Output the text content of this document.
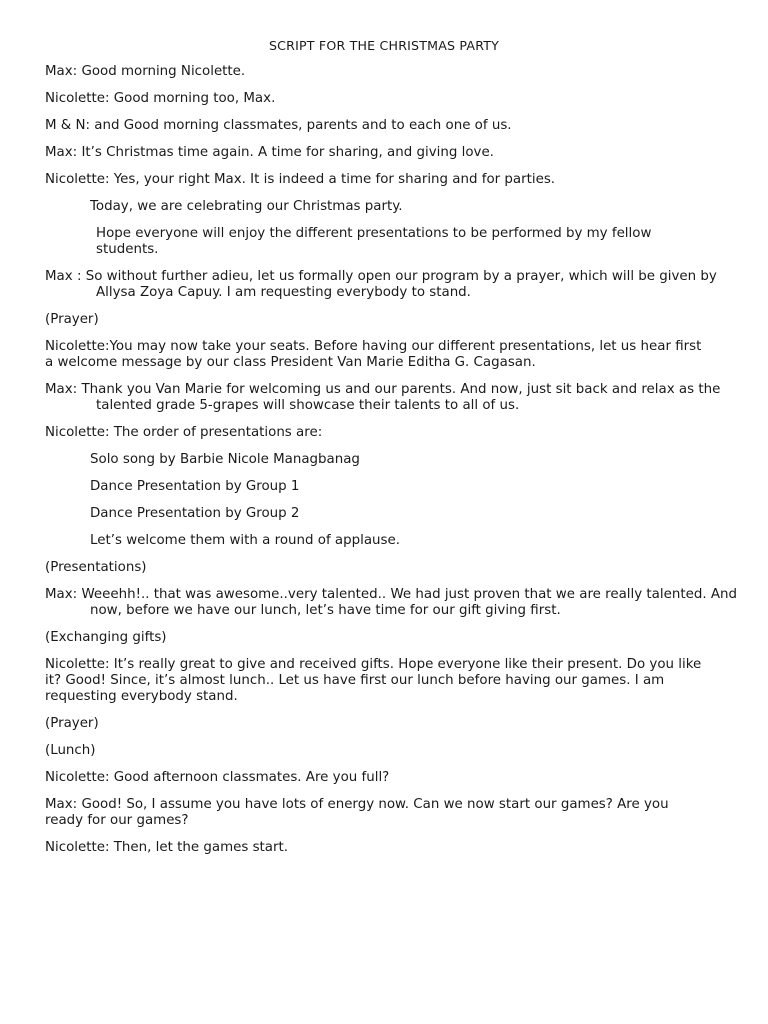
SCRIPT FOR THE CHRISTMAS PARTY

Max: Good morning Nicolette.

Nicolette: Good morning too, Max.

M & N: and Good morning classmates, parents and to each one of us.

Max: It’s Christmas time again. A time for sharing, and giving love.

Nicolette: Yes, your right Max. It is indeed a time for sharing and for parties.

Today, we are celebrating our Christmas party.

Hope everyone will enjoy the different presentations to be performed by my fellow students.

Max : So without further adieu, let us formally open our program by a prayer, which will be given by Allysa Zoya Capuy. I am requesting everybody to stand.

(Prayer)

Nicolette:You may now take your seats. Before having our different presentations, let us hear first a welcome message by our class President Van Marie Editha G. Cagasan.

Max: Thank you Van Marie for welcoming us and our parents. And now, just sit back and relax as the talented grade 5-grapes will showcase their talents to all of us.

Nicolette: The order of presentations are:

Solo song by Barbie Nicole Managbanag

Dance Presentation by Group 1

Dance Presentation by Group 2

Let’s welcome them with a round of applause.

(Presentations)

Max: Weeehh!.. that was awesome..very talented.. We had just proven that we are really talented. And now, before we have our lunch, let’s have time for our gift giving first.

(Exchanging gifts)

Nicolette: It’s really great to give and received gifts. Hope everyone like their present. Do you like it? Good! Since, it’s almost lunch.. Let us have first our lunch before having our games. I am requesting everybody stand.

(Prayer)

(Lunch)

Nicolette: Good afternoon classmates. Are you full?

Max: Good! So, I assume you have lots of energy now. Can we now start our games? Are you ready for our games?

Nicolette: Then, let the games start.
